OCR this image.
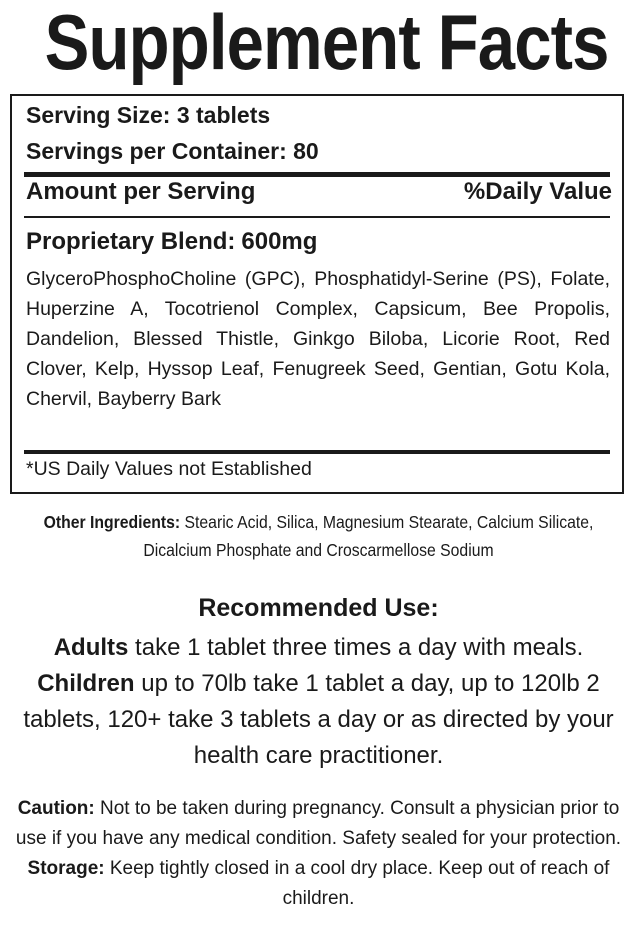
Supplement Facts
Serving Size: 3 tablets
Servings per Container: 80
Amount per Serving	%Daily Value
Proprietary Blend: 600mg
GlyceroPhosphoCholine (GPC), Phosphatidyl-Serine (PS), Folate, Huperzine A, Tocotrienol Complex, Capsicum, Bee Propolis, Dandelion, Blessed Thistle, Ginkgo Biloba, Licorie Root, Red Clover, Kelp, Hyssop Leaf, Fenugreek Seed, Gentian, Gotu Kola, Chervil, Bayberry Bark
*US Daily Values not Established
Other Ingredients: Stearic Acid, Silica, Magnesium Stearate, Calcium Silicate, Dicalcium Phosphate and Croscarmellose Sodium
Recommended Use:
Adults take 1 tablet three times a day with meals. Children up to 70lb take 1 tablet a day, up to 120lb 2 tablets, 120+ take 3 tablets a day or as directed by your health care practitioner.
Caution: Not to be taken during pregnancy. Consult a physician prior to use if you have any medical condition. Safety sealed for your protection.
Storage: Keep tightly closed in a cool dry place. Keep out of reach of children.
